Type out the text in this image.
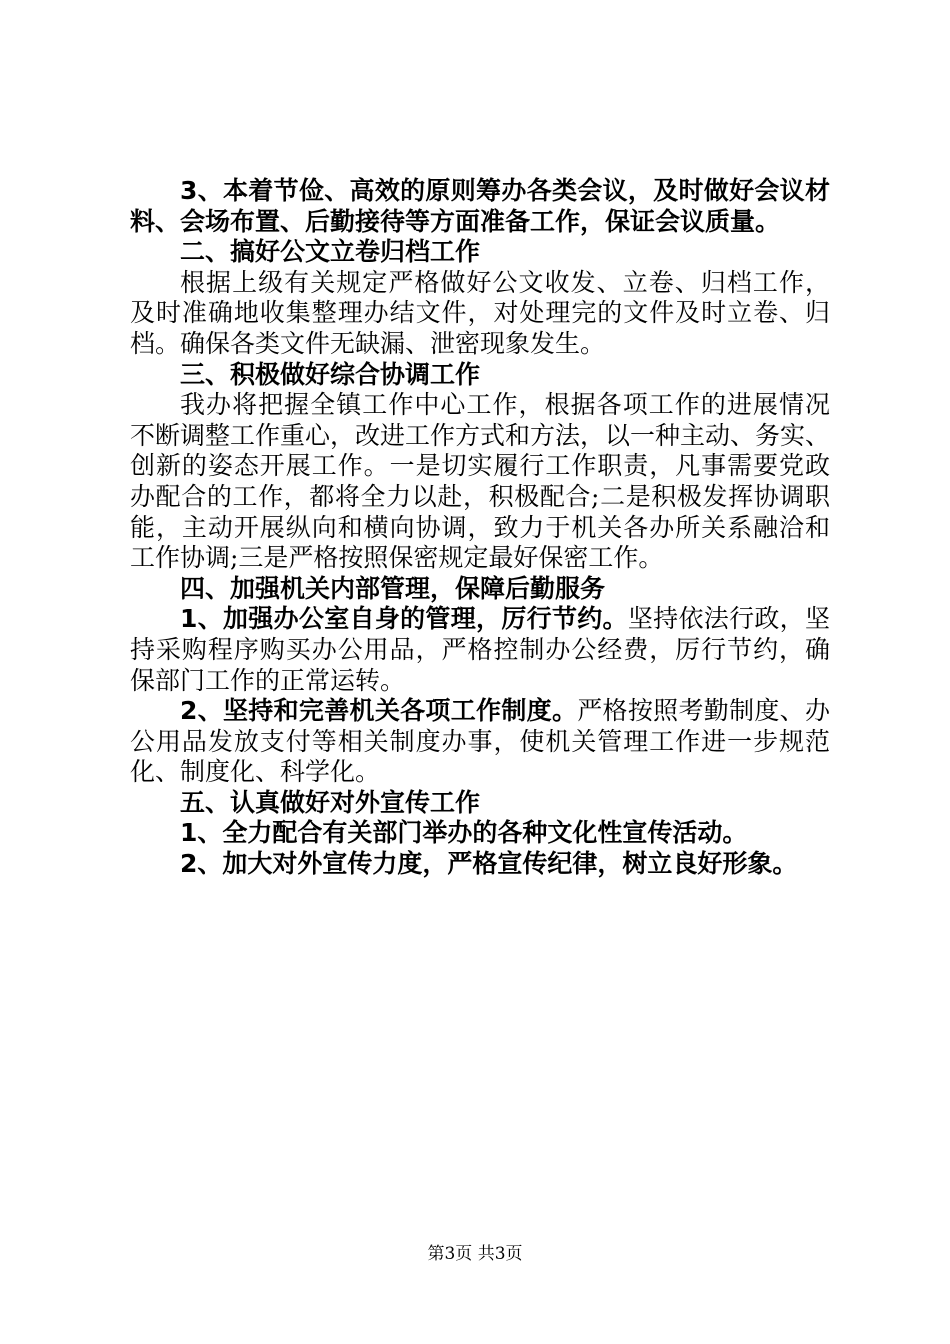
3、本着节俭、高效的原则筹办各类会议，及时做好会议材
料、会场布置、后勤接待等方面准备工作，保证会议质量。
二、搞好公文立卷归档工作
根据上级有关规定严格做好公文收发、立卷、归档工作，
及时准确地收集整理办结文件，对处理完的文件及时立卷、归
档。确保各类文件无缺漏、泄密现象发生。
三、积极做好综合协调工作
我办将把握全镇工作中心工作，根据各项工作的进展情况
不断调整工作重心，改进工作方式和方法，以一种主动、务实、
创新的姿态开展工作。一是切实履行工作职责，凡事需要党政
办配合的工作，都将全力以赴，积极配合;二是积极发挥协调职
能，主动开展纵向和横向协调，致力于机关各办所关系融洽和
工作协调;三是严格按照保密规定最好保密工作。
四、加强机关内部管理，保障后勤服务
1、加强办公室自身的管理，厉行节约。坚持依法行政，坚
持采购程序购买办公用品，严格控制办公经费，厉行节约，确
保部门工作的正常运转。
2、坚持和完善机关各项工作制度。严格按照考勤制度、办
公用品发放支付等相关制度办事，使机关管理工作进一步规范
化、制度化、科学化。
五、认真做好对外宣传工作
1、全力配合有关部门举办的各种文化性宣传活动。
2、加大对外宣传力度，严格宣传纪律，树立良好形象。
第3页 共3页
